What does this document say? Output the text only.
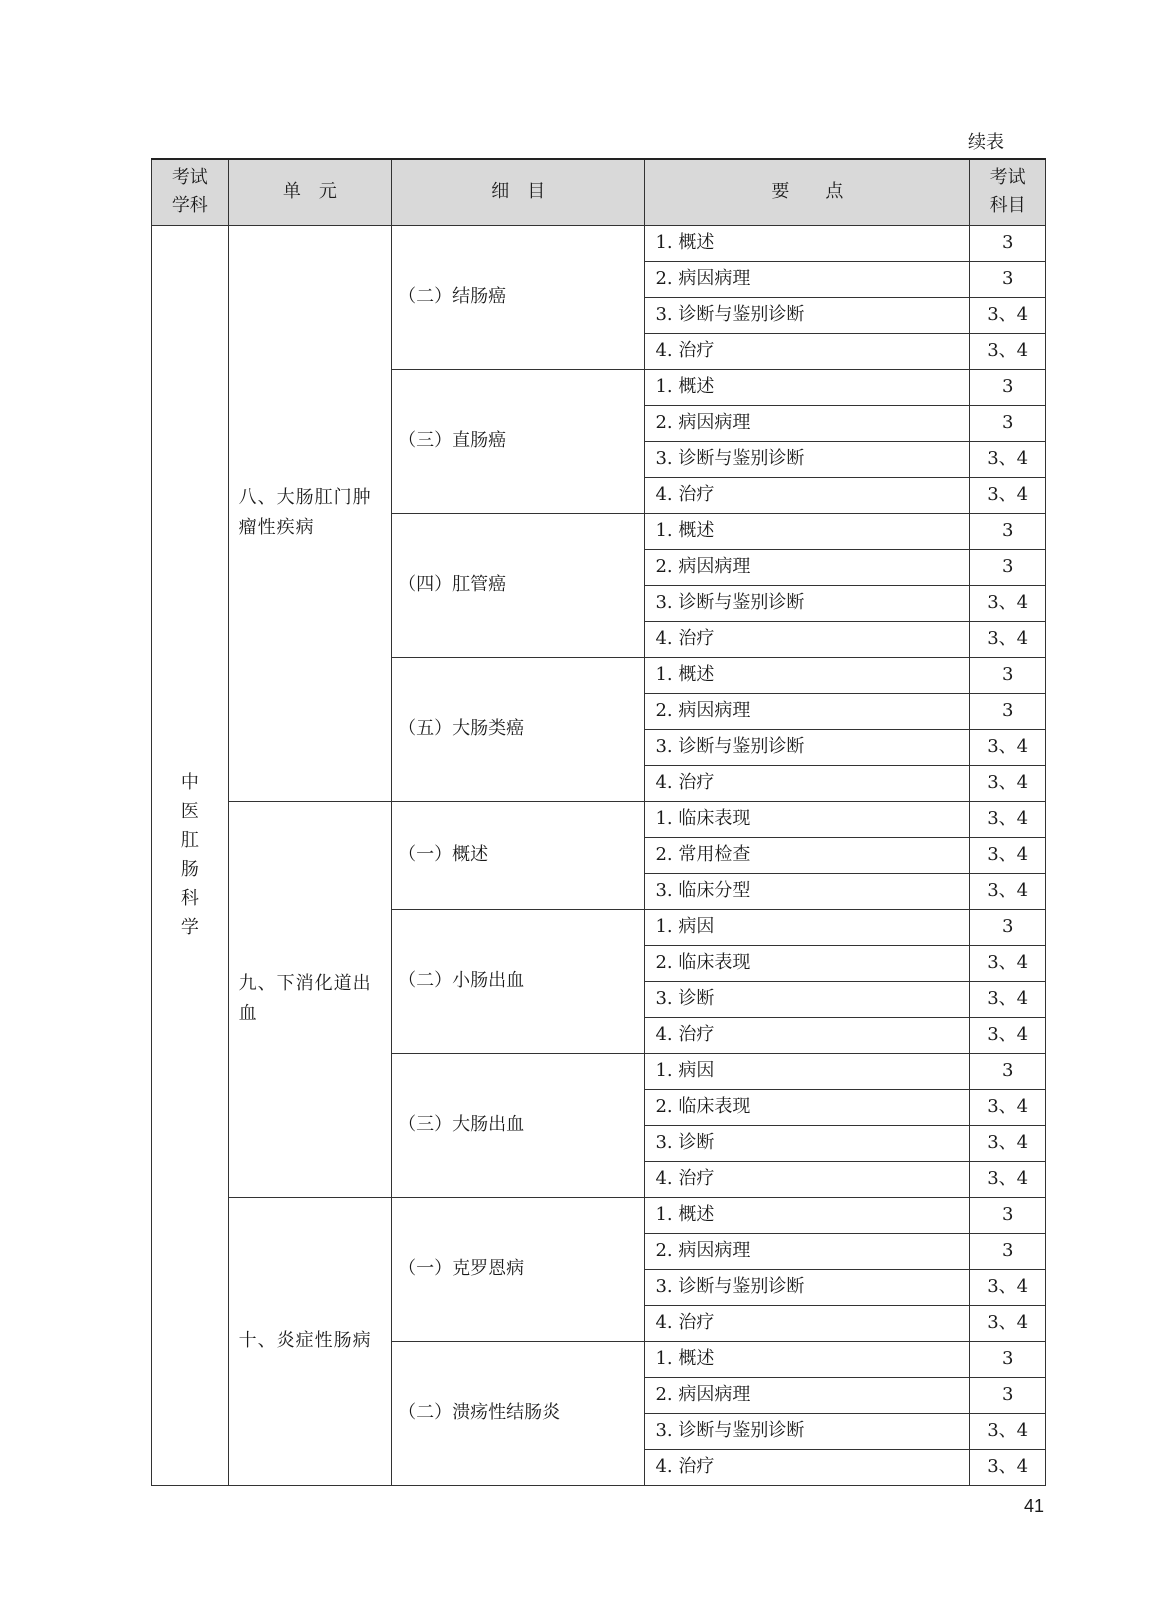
续表
考试学科	单　元	细　目	要　　点	考试科目
中医肛肠科学	八、大肠肛门肿瘤性疾病	（二）结肠癌	1. 概述	3
			2. 病因病理	3
			3. 诊断与鉴别诊断	3、4
			4. 治疗	3、4
		（三）直肠癌	1. 概述	3
			2. 病因病理	3
			3. 诊断与鉴别诊断	3、4
			4. 治疗	3、4
		（四）肛管癌	1. 概述	3
			2. 病因病理	3
			3. 诊断与鉴别诊断	3、4
			4. 治疗	3、4
		（五）大肠类癌	1. 概述	3
			2. 病因病理	3
			3. 诊断与鉴别诊断	3、4
			4. 治疗	3、4
	九、下消化道出血	（一）概述	1. 临床表现	3、4
			2. 常用检查	3、4
			3. 临床分型	3、4
		（二）小肠出血	1. 病因	3
			2. 临床表现	3、4
			3. 诊断	3、4
			4. 治疗	3、4
		（三）大肠出血	1. 病因	3
			2. 临床表现	3、4
			3. 诊断	3、4
			4. 治疗	3、4
	十、炎症性肠病	（一）克罗恩病	1. 概述	3
			2. 病因病理	3
			3. 诊断与鉴别诊断	3、4
			4. 治疗	3、4
		（二）溃疡性结肠炎	1. 概述	3
			2. 病因病理	3
			3. 诊断与鉴别诊断	3、4
			4. 治疗	3、4
41
